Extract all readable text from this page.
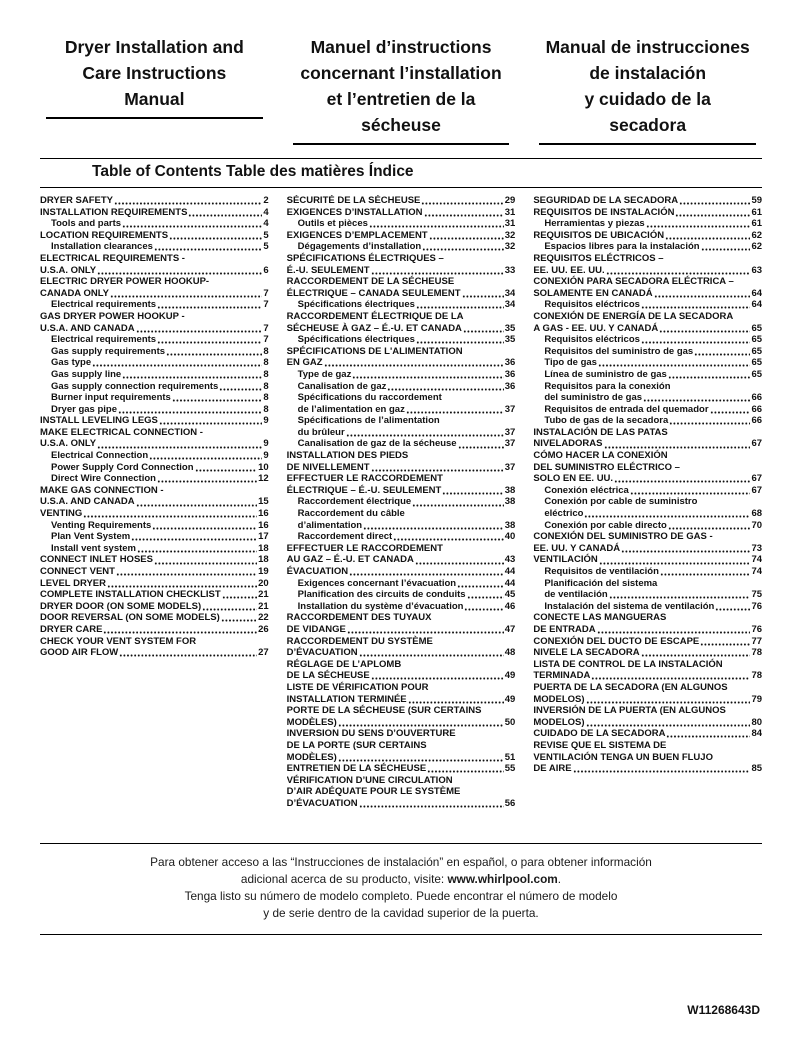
Dryer Installation and
Care Instructions
Manual
Manuel d’instructions
concernant l’installation
et l’entretien de la
sécheuse
Manual de instrucciones
de instalación
y cuidado de la
secadora
Table of Contents Table des matières Índice
DRYER SAFETY	2
INSTALLATION REQUIREMENTS	4
Tools and parts	4
LOCATION REQUIREMENTS	5
Installation clearances	5
ELECTRICAL REQUIREMENTS -
U.S.A. ONLY	6
ELECTRIC DRYER POWER HOOKUP-
CANADA ONLY	7
Electrical requirements	7
GAS DRYER POWER HOOKUP -
U.S.A. AND CANADA	7
Electrical requirements	7
Gas supply requirements	8
Gas type	8
Gas supply line	8
Gas supply connection requirements	8
Burner input requirements	8
Dryer gas pipe	8
INSTALL LEVELING LEGS	9
MAKE ELECTRICAL CONNECTION -
U.S.A. ONLY	9
Electrical Connection	9
Power Supply Cord Connection	10
Direct Wire Connection	12
MAKE GAS CONNECTION -
U.S.A. AND CANADA	15
VENTING	16
Venting Requirements	16
Plan Vent System	17
Install vent system	18
CONNECT INLET HOSES	18
CONNECT VENT	19
LEVEL DRYER	20
COMPLETE INSTALLATION CHECKLIST	21
DRYER DOOR (ON SOME MODELS)	21
DOOR REVERSAL (ON SOME MODELS)	22
DRYER CARE	26
CHECK YOUR VENT SYSTEM FOR
GOOD AIR FLOW	27
SÉCURITÉ DE LA SÉCHEUSE	29
EXIGENCES D’INSTALLATION	31
Outils et pièces	31
EXIGENCES D’EMPLACEMENT	32
Dégagements d’installation	32
SPÉCIFICATIONS ÉLECTRIQUES –
É.-U. SEULEMENT	33
RACCORDEMENT DE LA SÉCHEUSE
ÉLECTRIQUE – CANADA SEULEMENT	34
Spécifications électriques	34
RACCORDEMENT ÉLECTRIQUE DE LA
SÉCHEUSE À GAZ – É.-U. ET CANADA	35
Spécifications électriques	35
SPÉCIFICATIONS DE L'ALIMENTATION
EN GAZ	36
Type de gaz	36
Canalisation de gaz	36
Spécifications du raccordement
de l’alimentation en gaz	37
Spécifications de l’alimentation
du brûleur	37
Canalisation de gaz de la sécheuse	37
INSTALLATION DES PIEDS
DE NIVELLEMENT	37
EFFECTUER LE RACCORDEMENT
ÉLECTRIQUE – É.-U. SEULEMENT	38
Raccordement électrique	38
Raccordement du câble
d’alimentation	38
Raccordement direct	40
EFFECTUER LE RACCORDEMENT
AU GAZ – É.-U. ET CANADA	43
ÉVACUATION	44
Exigences concernant l’évacuation	44
Planification des circuits de conduits	45
Installation du système d’évacuation	46
RACCORDEMENT DES TUYAUX
DE VIDANGE	47
RACCORDEMENT DU SYSTÈME
D’ÉVACUATION	48
RÉGLAGE DE L’APLOMB
DE LA SÉCHEUSE	49
LISTE DE VÉRIFICATION POUR
INSTALLATION TERMINÉE	49
PORTE DE LA SÉCHEUSE (SUR CERTAINS
MODÈLES)	50
INVERSION DU SENS D’OUVERTURE
DE LA PORTE (SUR CERTAINS
MODÈLES)	51
ENTRETIEN DE LA SÉCHEUSE	55
VÉRIFICATION D’UNE CIRCULATION
D’AIR ADÉQUATE POUR LE SYSTÈME
D’ÉVACUATION	56
SEGURIDAD DE LA SECADORA	59
REQUISITOS DE INSTALACIÓN	61
Herramientas y piezas	61
REQUISITOS DE UBICACIÓN	62
Espacios libres para la instalación	62
REQUISITOS ELÉCTRICOS –
EE. UU. EE. UU.	63
CONEXIÓN PARA SECADORA ELÉCTRICA –
SOLAMENTE EN CANADÁ	64
Requisitos eléctricos	64
CONEXIÓN DE ENERGÍA DE LA SECADORA
A GAS - EE. UU. Y CANADÁ	65
Requisitos eléctricos	65
Requisitos del suministro de gas	65
Tipo de gas	65
Línea de suministro de gas	65
Requisitos para la conexión
del suministro de gas	66
Requisitos de entrada del quemador	66
Tubo de gas de la secadora	66
INSTALACIÓN DE LAS PATAS
NIVELADORAS	67
CÓMO HACER LA CONEXIÓN
DEL SUMINISTRO ELÉCTRICO –
SOLO EN EE. UU.	67
Conexión eléctrica	67
Conexión por cable de suministro
eléctrico	68
Conexión por cable directo	70
CONEXIÓN DEL SUMINISTRO DE GAS -
EE. UU. Y CANADÁ	73
VENTILACIÓN	74
Requisitos de ventilación	74
Planificación del sistema
de ventilación	75
Instalación del sistema de ventilación	76
CONECTE LAS MANGUERAS
DE ENTRADA	76
CONEXIÓN DEL DUCTO DE ESCAPE	77
NIVELE LA SECADORA	78
LISTA DE CONTROL DE LA INSTALACIÓN
TERMINADA	78
PUERTA DE LA SECADORA (EN ALGUNOS
MODELOS)	79
INVERSIÓN DE LA PUERTA (EN ALGUNOS
MODELOS)	80
CUIDADO DE LA SECADORA	84
REVISE QUE EL SISTEMA DE
VENTILACIÓN TENGA UN BUEN FLUJO
DE AIRE	85
Para obtener acceso a las “Instrucciones de instalación” en español, o para obtener información
adicional acerca de su producto, visite: www.whirlpool.com.
Tenga listo su número de modelo completo. Puede encontrar el número de modelo
y de serie dentro de la cavidad superior de la puerta.
W11268643D
